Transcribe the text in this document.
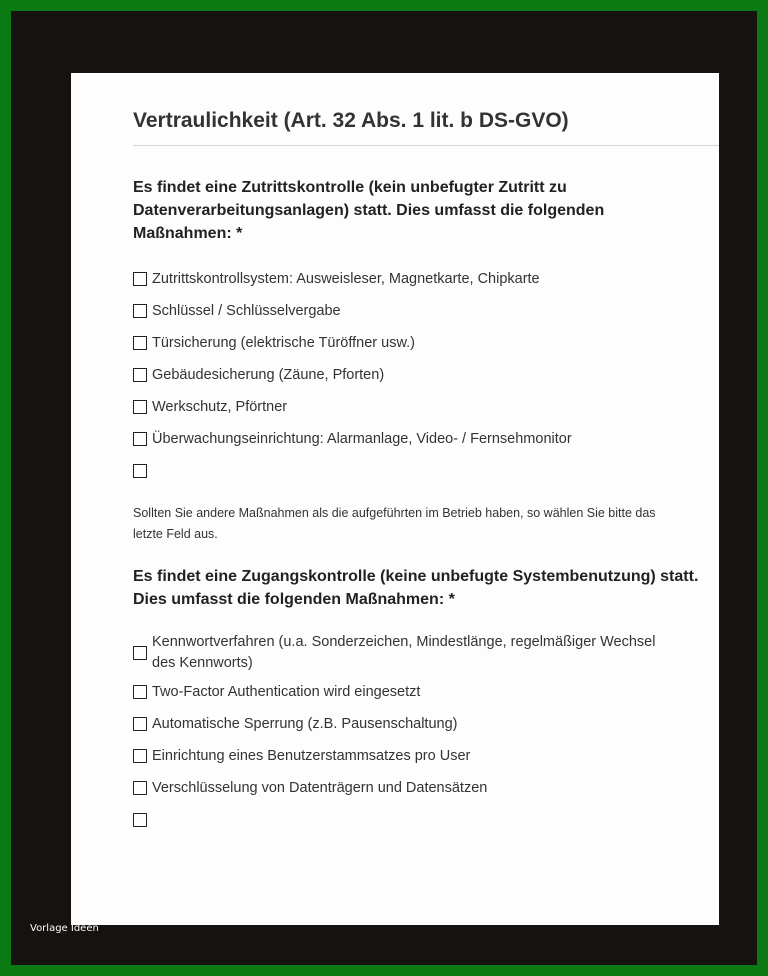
Vertraulichkeit (Art. 32 Abs. 1 lit. b DS-GVO)
Es findet eine Zutrittskontrolle (kein unbefugter Zutritt zu
Datenverarbeitungsanlagen) statt. Dies umfasst die folgenden
Maßnahmen: *
Zutrittskontrollsystem: Ausweisleser, Magnetkarte, Chipkarte
Schlüssel / Schlüsselvergabe
Türsicherung (elektrische Türöffner usw.)
Gebäudesicherung (Zäune, Pforten)
Werkschutz, Pförtner
Überwachungseinrichtung: Alarmanlage, Video- / Fernsehmonitor
Sollten Sie andere Maßnahmen als die aufgeführten im Betrieb haben, so wählen Sie bitte das
letzte Feld aus.
Es findet eine Zugangskontrolle (keine unbefugte Systembenutzung) statt.
Dies umfasst die folgenden Maßnahmen: *
Kennwortverfahren (u.a. Sonderzeichen, Mindestlänge, regelmäßiger Wechsel
des Kennworts)
Two-Factor Authentication wird eingesetzt
Automatische Sperrung (z.B. Pausenschaltung)
Einrichtung eines Benutzerstammsatzes pro User
Verschlüsselung von Datenträgern und Datensätzen
Vorlage Ideen
